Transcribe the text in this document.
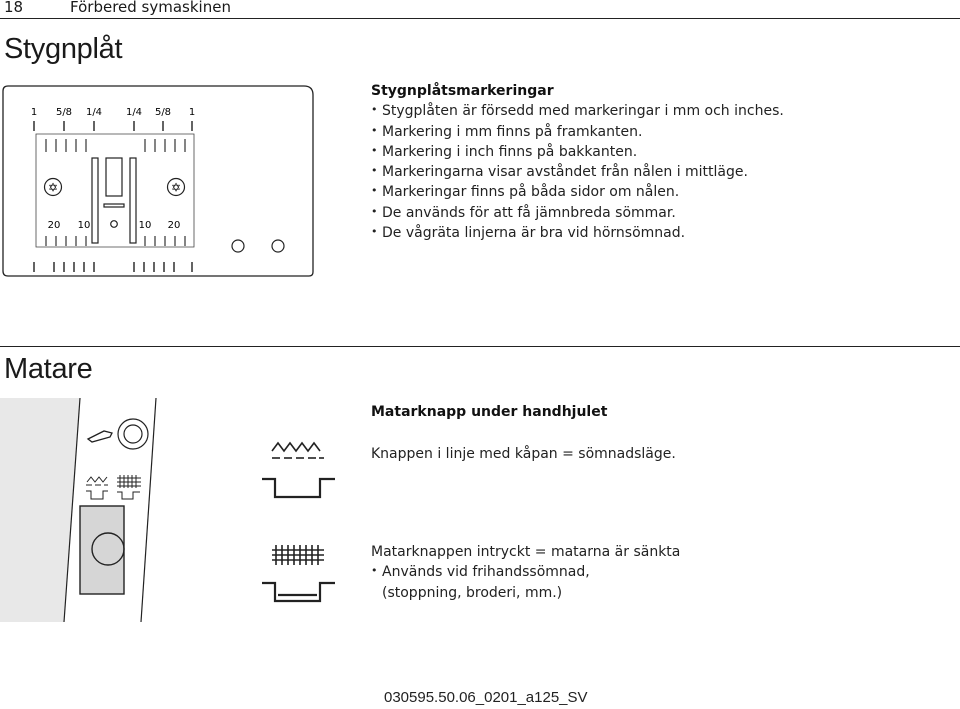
18	Förbered symaskinen
Stygnplåt
1 5/8 1/4 1/4 5/8 1
✡	✡
20 10	10 20
Stygnplåtsmarkeringar
• Stygplåten är försedd med markeringar i mm och inches.
• Markering i mm finns på framkanten.
• Markering i inch finns på bakkanten.
• Markeringarna visar avståndet från nålen i mittläge.
• Markeringar finns på båda sidor om nålen.
• De används för att få jämnbreda sömmar.
• De vågräta linjerna är bra vid hörnsömnad.
Matare
Matarknapp under handhjulet
Knappen i linje med kåpan = sömnadsläge.
Matarknappen intryckt = matarna är sänkta
• Används vid frihandssömnad,
(stoppning, broderi, mm.)
030595.50.06_0201_a125_SV
